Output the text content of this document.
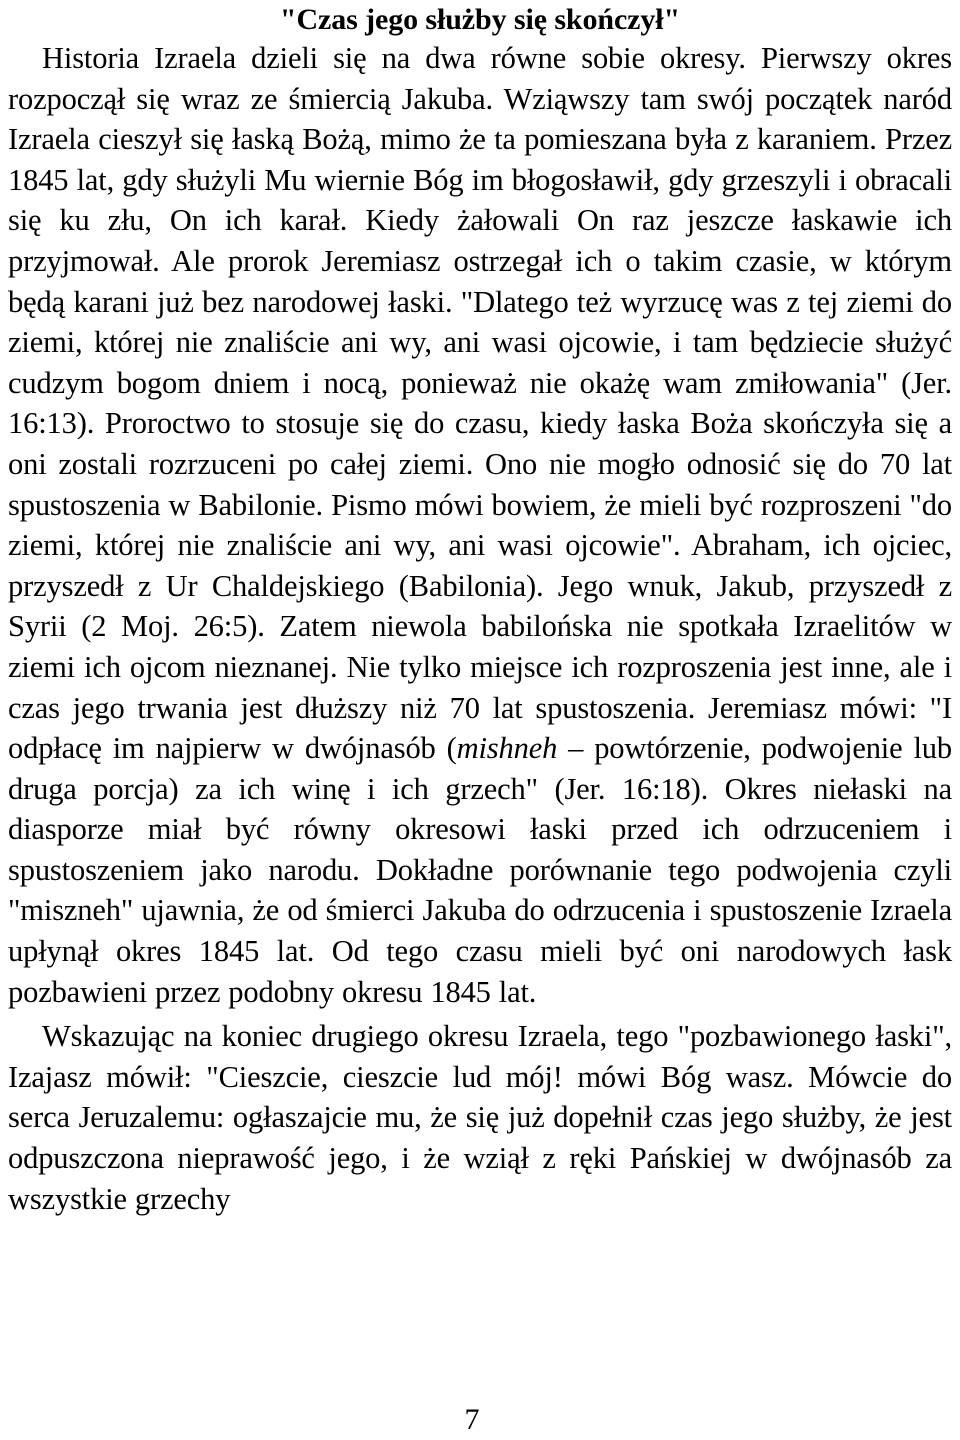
"Czas jego służby się skończył"

Historia Izraela dzieli się na dwa równe sobie okresy. Pierwszy okres rozpoczął się wraz ze śmiercią Jakuba. Wziąwszy tam swój początek naród Izraela cieszył się łaską Bożą, mimo że ta pomieszana była z karaniem. Przez 1845 lat, gdy służyli Mu wiernie Bóg im błogosławił, gdy grzeszyli i obracali się ku złu, On ich karał. Kiedy żałowali On raz jeszcze łaskawie ich przyjmował. Ale prorok Jeremiasz ostrzegał ich o takim czasie, w którym będą karani już bez narodowej łaski. "Dlatego też wyrzucę was z tej ziemi do ziemi, której nie znaliście ani wy, ani wasi ojcowie, i tam będziecie służyć cudzym bogom dniem i nocą, ponieważ nie okażę wam zmiłowania" (Jer. 16:13). Proroctwo to stosuje się do czasu, kiedy łaska Boża skończyła się a oni zostali rozrzuceni po całej ziemi. Ono nie mogło odnosić się do 70 lat spustoszenia w Babilonie. Pismo mówi bowiem, że mieli być rozproszeni "do ziemi, której nie znaliście ani wy, ani wasi ojcowie". Abraham, ich ojciec, przyszedł z Ur Chaldejskiego (Babilonia). Jego wnuk, Jakub, przyszedł z Syrii (2 Moj. 26:5). Zatem niewola babilońska nie spotkała Izraelitów w ziemi ich ojcom nieznanej. Nie tylko miejsce ich rozproszenia jest inne, ale i czas jego trwania jest dłuższy niż 70 lat spustoszenia. Jeremiasz mówi: "I odpłacę im najpierw w dwójnasób (mishneh – powtórzenie, podwojenie lub druga porcja) za ich winę i ich grzech" (Jer. 16:18). Okres niełaski na diasporze miał być równy okresowi łaski przed ich odrzuceniem i spustoszeniem jako narodu. Dokładne porównanie tego podwojenia czyli "miszneh" ujawnia, że od śmierci Jakuba do odrzucenia i spustoszenie Izraela upłynął okres 1845 lat. Od tego czasu mieli być oni narodowych łask pozbawieni przez podobny okresu 1845 lat.

Wskazując na koniec drugiego okresu Izraela, tego "pozbawionego łaski", Izajasz mówił: "Cieszcie, cieszcie lud mój! mówi Bóg wasz. Mówcie do serca Jeruzalemu: ogłaszajcie mu, że się już dopełnił czas jego służby, że jest odpuszczona nieprawość jego, i że wziął z ręki Pańskiej w dwójnasób za wszystkie grzechy

7
